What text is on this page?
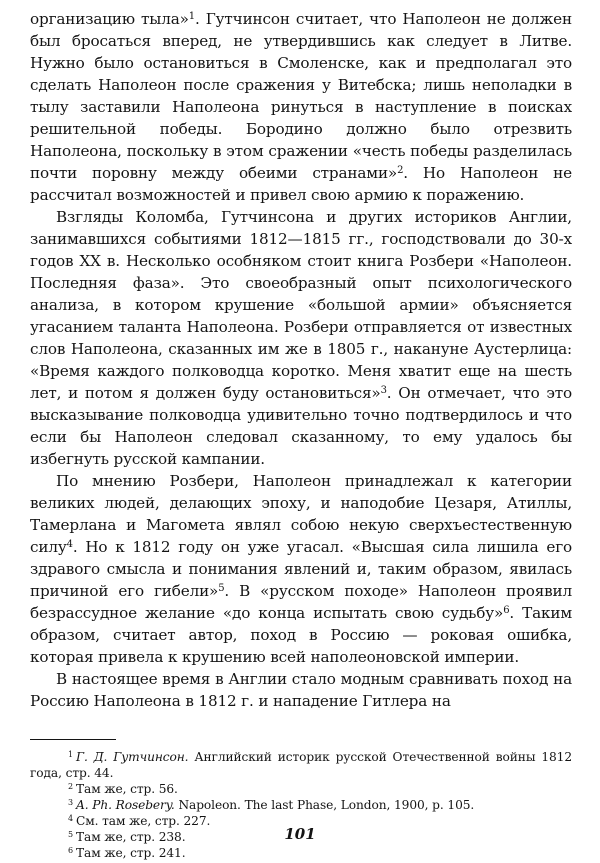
организацию тыла»$^1$. Гутчинсон считает, что Наполеон не должен был бросаться вперед, не утвердившись как следует в Литве. Нужно было остановиться в Смоленске, как и предполагал это сделать Наполеон после сражения у Витебска; лишь неполадки в тылу заставили Наполеона ринуться в наступление в поисках решительной победы. Бородино должно было отрезвить Наполеона, поскольку в этом сражении «честь победы разделилась почти поровну между обеими странами»$^2$. Но Наполеон не рассчитал возможностей и привел свою армию к поражению.

Взгляды Коломба, Гутчинсона и других историков Англии, занимавшихся событиями 1812—1815 гг., господствовали до 30-х годов XX в. Несколько особняком стоит книга Розбери «Наполеон. Последняя фаза». Это своеобразный опыт психологического анализа, в котором крушение «большой армии» объясняется угасанием таланта Наполеона. Розбери отправляется от известных слов Наполеона, сказанных им же в 1805 г., накануне Аустерлица: «Время каждого полководца коротко. Меня хватит еще на шесть лет, и потом я должен буду остановиться»$^3$. Он отмечает, что это высказывание полководца удивительно точно подтвердилось и что если бы Наполеон следовал сказанному, то ему удалось бы избегнуть русской кампании.

По мнению Розбери, Наполеон принадлежал к категории великих людей, делающих эпоху, и наподобие Цезаря, Атиллы, Тамерлана и Магомета являл собою некую сверхъестественную силу$^4$. Но к 1812 году он уже угасал. «Высшая сила лишила его здравого смысла и понимания явлений и, таким образом, явилась причиной его гибели»$^5$. В «русском походе» Наполеон проявил безрассудное желание «до конца испытать свою судьбу»$^6$. Таким образом, считает автор, поход в Россию — роковая ошибка, которая привела к крушению всей наполеоновской империи.

В настоящее время в Англии стало модным сравнивать поход на Россию Наполеона в 1812 г. и нападение Гитлера на

$^1$ Г. Д. Гутчинсон. Английский историк русской Отечественной войны 1812 года, стр. 44.

$^2$ Там же, стр. 56.

$^3$ A. Ph. Rosebery. Napoleon. The last Phase, London, 1900, p. 105.

$^4$ См. там же, стр. 227.

$^5$ Там же, стр. 238.

$^6$ Там же, стр. 241.

101
